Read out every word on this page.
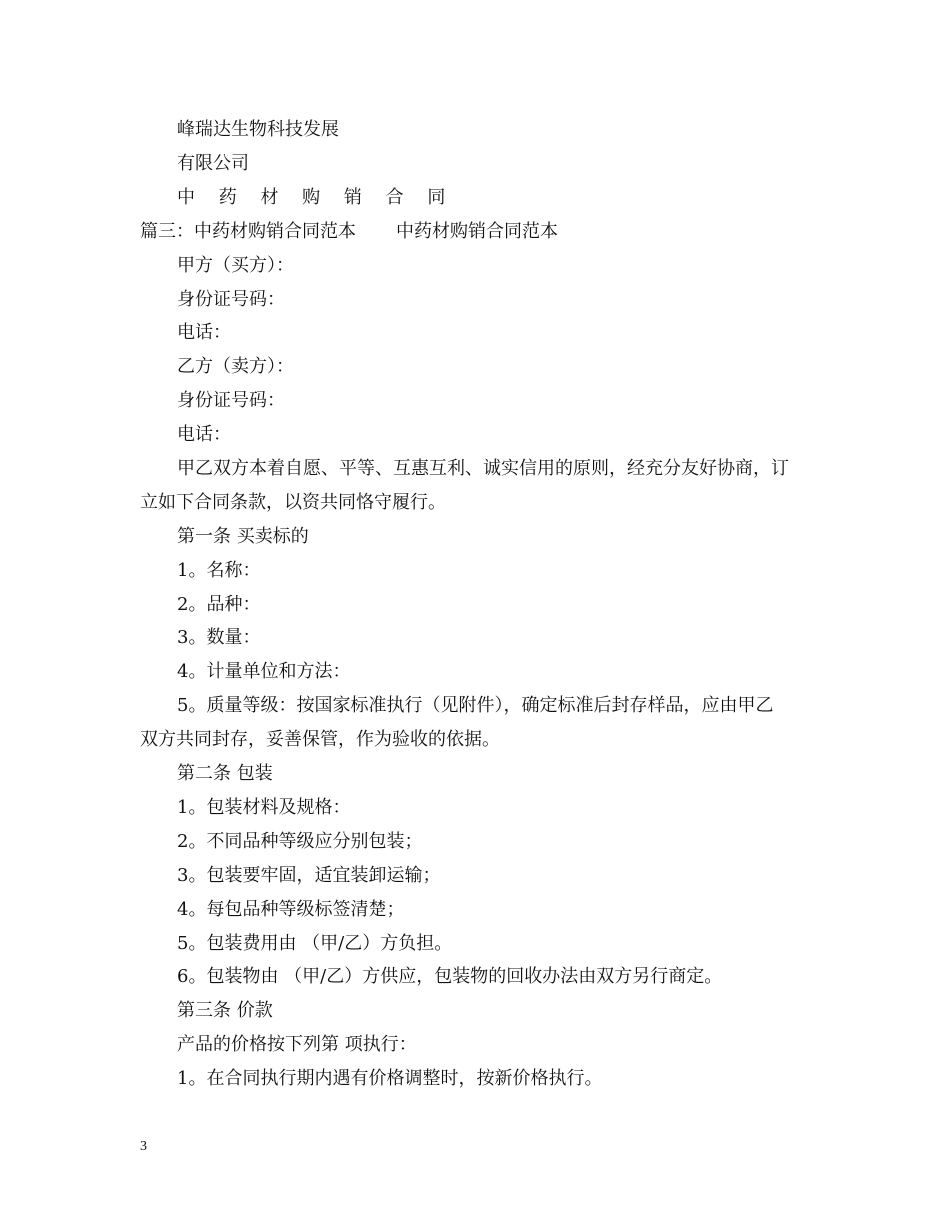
峰瑞达生物科技发展
有限公司
中 药 材 购 销 合 同
篇三：中药材购销合同范本 中药材购销合同范本
甲方（买方）：
身份证号码：
电话：
乙方（卖方）：
身份证号码：
电话：
甲乙双方本着自愿、平等、互惠互利、诚实信用的原则，经充分友好协商，订
立如下合同条款，以资共同恪守履行。
第一条 买卖标的
1。名称：
2。品种：
3。数量：
4。计量单位和方法：
5。质量等级：按国家标准执行（见附件），确定标准后封存样品，应由甲乙
双方共同封存，妥善保管，作为验收的依据。
第二条 包装
1。包装材料及规格：
2。不同品种等级应分别包装；
3。包装要牢固，适宜装卸运输；
4。每包品种等级标签清楚；
5。包装费用由 （甲/乙）方负担。
6。包装物由 （甲/乙）方供应，包装物的回收办法由双方另行商定。
第三条 价款
产品的价格按下列第 项执行：
1。在合同执行期内遇有价格调整时，按新价格执行。
3
